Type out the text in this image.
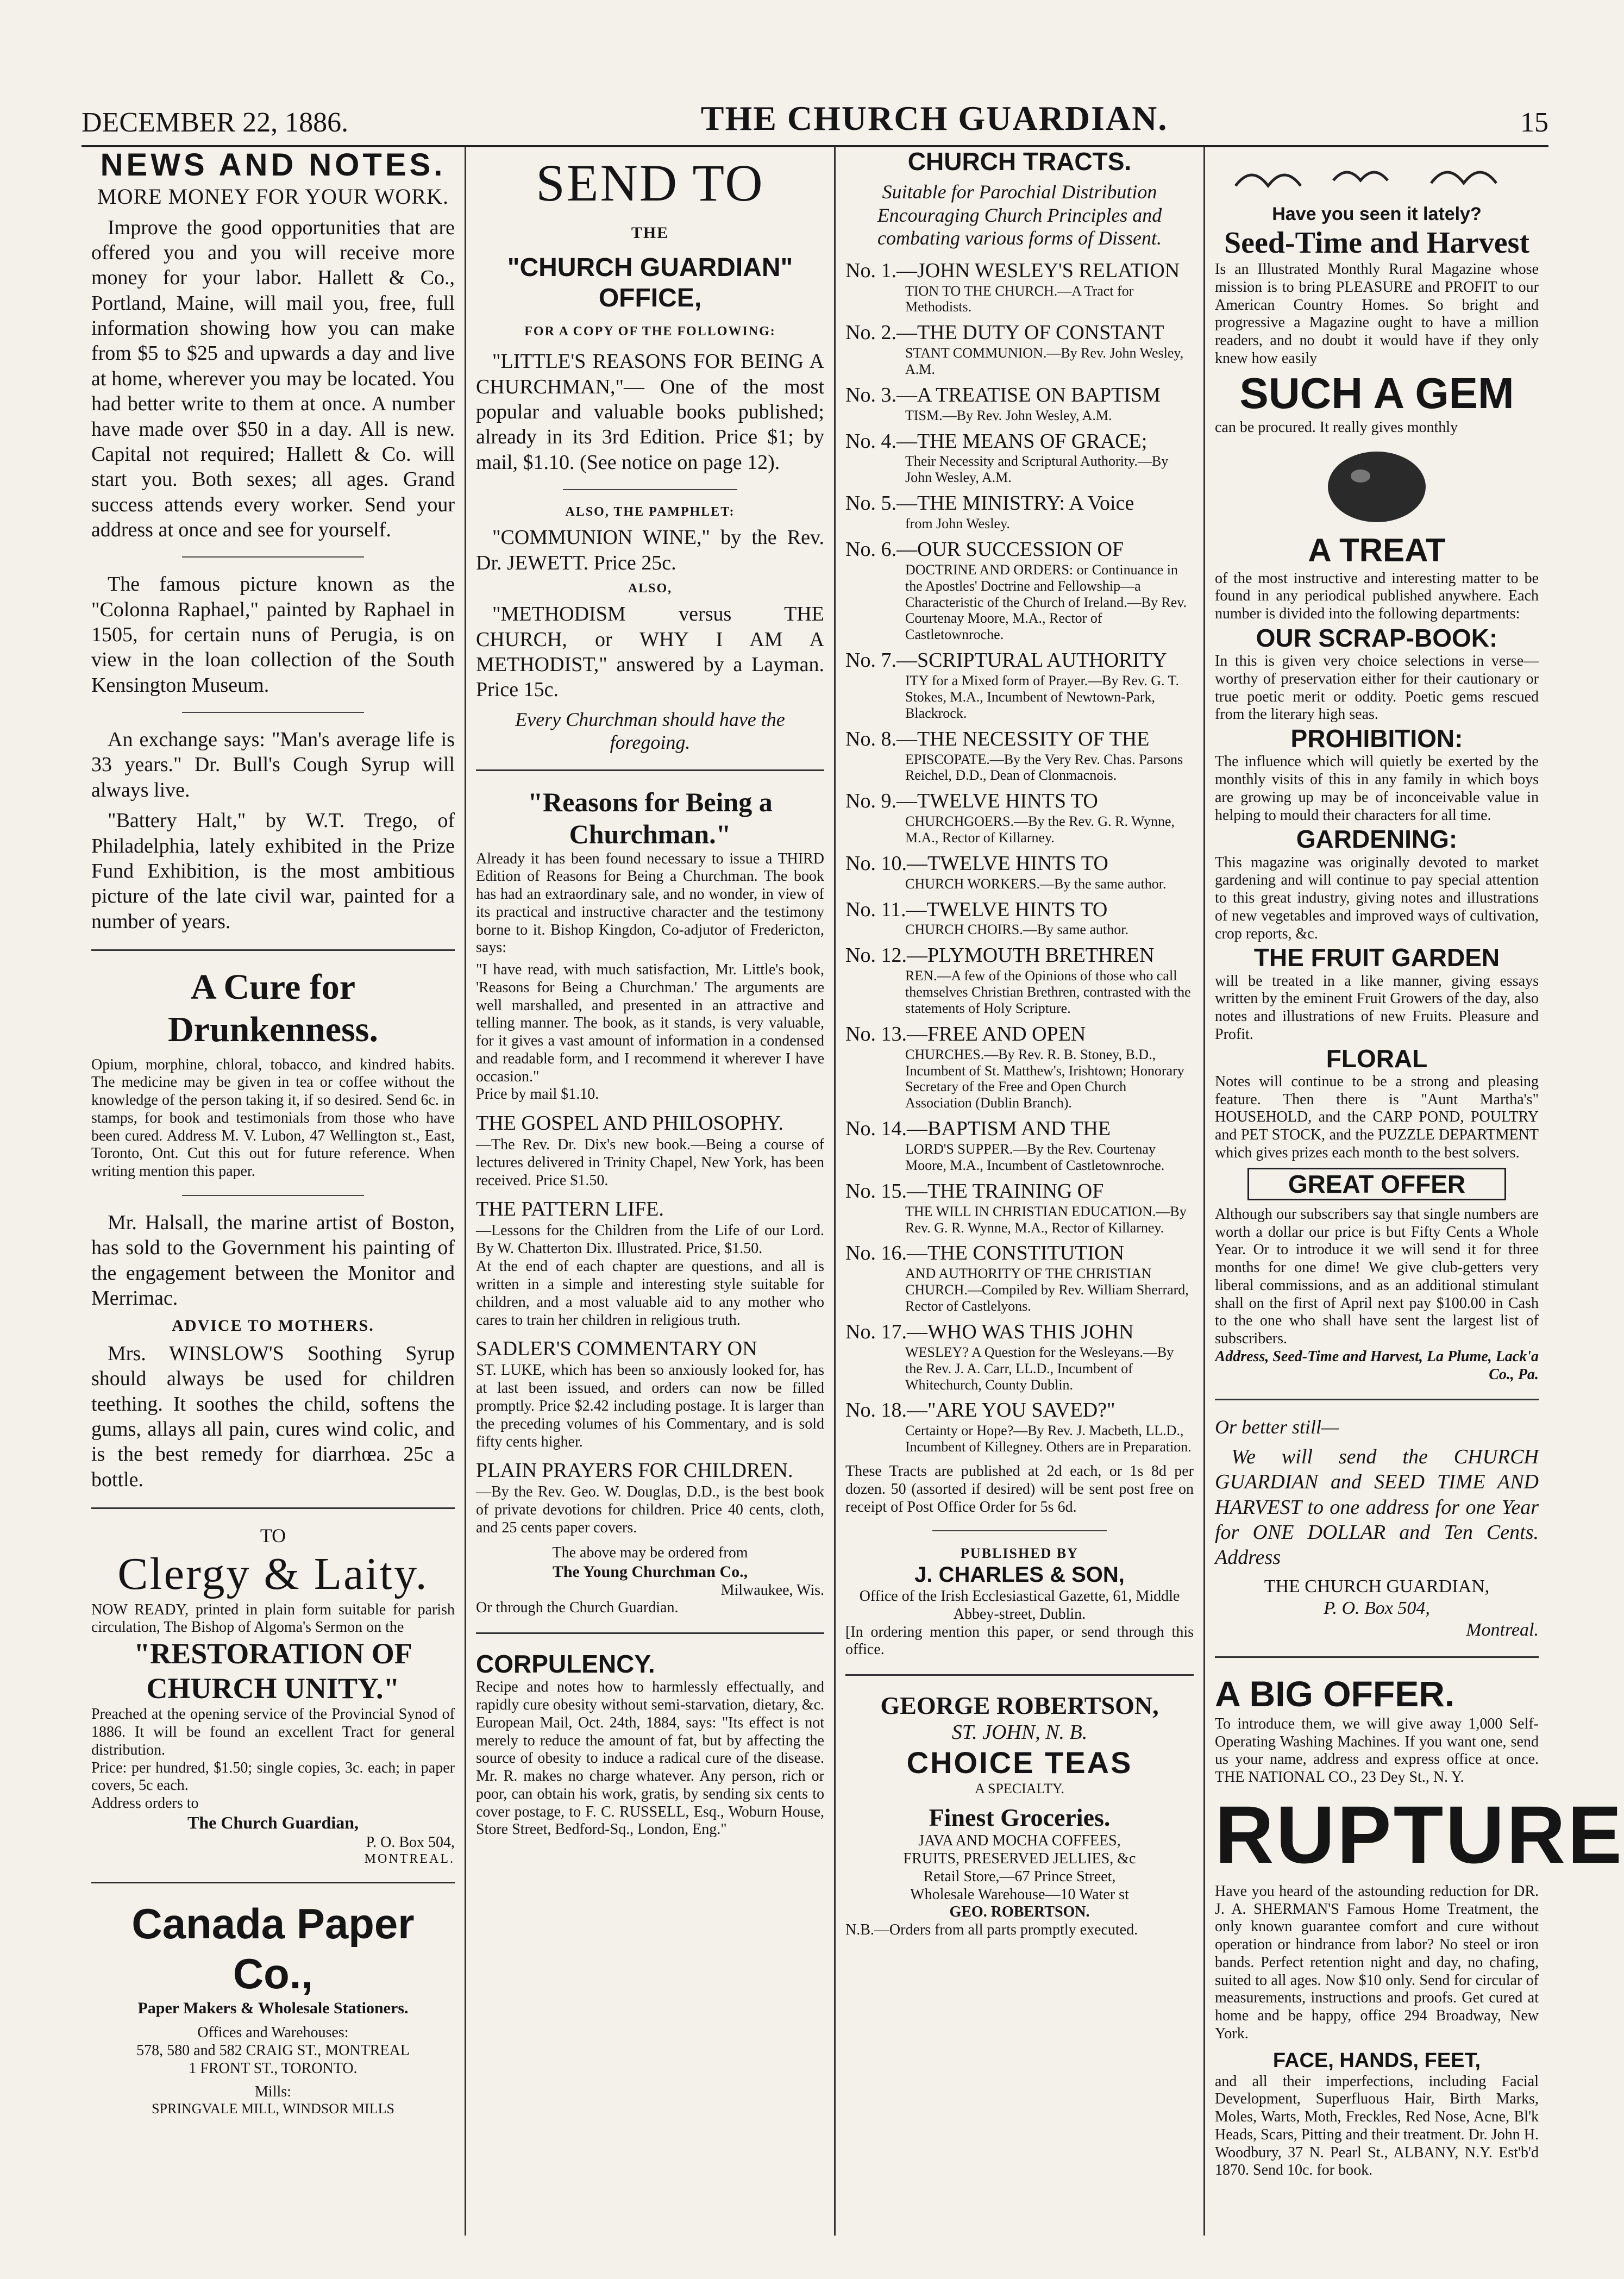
DECEMBER 22, 1886.	THE CHURCH GUARDIAN.	15
NEWS AND NOTES.
MORE MONEY FOR YOUR WORK.
Improve the good opportunities that are offered you and you will receive more money for your labor. Hallett & Co., Portland, Maine, will mail you, free, full information showing how you can make from $5 to $25 and upwards a day and live at home, wherever you may be located. You had better write to them at once. A number have made over $50 in a day. All is new. Capital not required; Hallett & Co. will start you. Both sexes; all ages. Grand success attends every worker. Send your address at once and see for yourself.
The famous picture known as the "Colonna Raphael," painted by Raphael in 1505, for certain nuns of Perugia, is on view in the loan collection of the South Kensington Museum.
An exchange says: "Man's average life is 33 years." Dr. Bull's Cough Syrup will always live.
"Battery Halt," by W.T. Trego, of Philadelphia, lately exhibited in the Prize Fund Exhibition, is the most ambitious picture of the late civil war, painted for a number of years.
A Cure for Drunkenness.
Opium, morphine, chloral, tobacco, and kindred habits. The medicine may be given in tea or coffee without the knowledge of the person taking it, if so desired. Send 6c. in stamps, for book and testimonials from those who have been cured. Address M. V. Lubon, 47 Wellington st., East, Toronto, Ont. Cut this out for future reference. When writing mention this paper.
Mr. Halsall, the marine artist of Boston, has sold to the Government his painting of the engagement between the Monitor and Merrimac.
ADVICE TO MOTHERS.
Mrs. WINSLOW'S Soothing Syrup should always be used for children teething. It soothes the child, softens the gums, allays all pain, cures wind colic, and is the best remedy for diarrhœa. 25c a bottle.
TO
Clergy & Laity.
NOW READY, printed in plain form suitable for parish circulation, The Bishop of Algoma's Sermon on the
"RESTORATION OF CHURCH UNITY."
Preached at the opening service of the Provincial Synod of 1886. It will be found an excellent Tract for general distribution.
Price: per hundred, $1.50; single copies, 3c. each; in paper covers, 5c each.
Address orders to
The Church Guardian,
P. O. Box 504,
MONTREAL.
Canada Paper Co.,
Paper Makers & Wholesale Stationers.
Offices and Warehouses:
578, 580 and 582 CRAIG ST., MONTREAL
1 FRONT ST., TORONTO.
Mills:
SPRINGVALE MILL, WINDSOR MILLS
SEND TO
THE
"CHURCH GUARDIAN" OFFICE,
FOR A COPY OF THE FOLLOWING:
"LITTLE'S REASONS FOR BEING A CHURCHMAN,"— One of the most popular and valuable books published; already in its 3rd Edition. Price $1; by mail, $1.10. (See notice on page 12).
ALSO, THE PAMPHLET:
"COMMUNION WINE," by the Rev. Dr. JEWETT. Price 25c.
ALSO,
"METHODISM versus THE CHURCH, or WHY I AM A METHODIST," answered by a Layman. Price 15c.
Every Churchman should have the foregoing.
"Reasons for Being a Churchman."
Already it has been found necessary to issue a THIRD Edition of Reasons for Being a Churchman. The book has had an extraordinary sale, and no wonder, in view of its practical and instructive character and the testimony borne to it. Bishop Kingdon, Co-adjutor of Fredericton, says:
"I have read, with much satisfaction, Mr. Little's book, 'Reasons for Being a Churchman.' The arguments are well marshalled, and presented in an attractive and telling manner. The book, as it stands, is very valuable, for it gives a vast amount of information in a condensed and readable form, and I recommend it wherever I have occasion."
Price by mail $1.10.
THE GOSPEL AND PHILOSOPHY.
—The Rev. Dr. Dix's new book.—Being a course of lectures delivered in Trinity Chapel, New York, has been received. Price $1.50.
THE PATTERN LIFE.
—Lessons for the Children from the Life of our Lord. By W. Chatterton Dix. Illustrated. Price, $1.50.
At the end of each chapter are questions, and all is written in a simple and interesting style suitable for children, and a most valuable aid to any mother who cares to train her children in religious truth.
SADLER'S COMMENTARY ON
ST. LUKE, which has been so anxiously looked for, has at last been issued, and orders can now be filled promptly. Price $2.42 including postage. It is larger than the preceding volumes of his Commentary, and is sold fifty cents higher.
PLAIN PRAYERS FOR CHILDREN.
—By the Rev. Geo. W. Douglas, D.D., is the best book of private devotions for children. Price 40 cents, cloth, and 25 cents paper covers.
The above may be ordered from
The Young Churchman Co.,
Milwaukee, Wis.
Or through the Church Guardian.
CORPULENCY.
Recipe and notes how to harmlessly effectually, and rapidly cure obesity without semi-starvation, dietary, &c. European Mail, Oct. 24th, 1884, says: "Its effect is not merely to reduce the amount of fat, but by affecting the source of obesity to induce a radical cure of the disease. Mr. R. makes no charge whatever. Any person, rich or poor, can obtain his work, gratis, by sending six cents to cover postage, to F. C. RUSSELL, Esq., Woburn House, Store Street, Bedford-Sq., London, Eng."
CHURCH TRACTS.
Suitable for Parochial Distribution Encouraging Church Principles and combating various forms of Dissent.
No. 1.—JOHN WESLEY'S RELATION
TION TO THE CHURCH.—A Tract for Methodists.
No. 2.—THE DUTY OF CONSTANT
STANT COMMUNION.—By Rev. John Wesley, A.M.
No. 3.—A TREATISE ON BAPTISM
TISM.—By Rev. John Wesley, A.M.
No. 4.—THE MEANS OF GRACE;
Their Necessity and Scriptural Authority.—By John Wesley, A.M.
No. 5.—THE MINISTRY: A Voice
from John Wesley.
No. 6.—OUR SUCCESSION OF
DOCTRINE AND ORDERS: or Continuance in the Apostles' Doctrine and Fellowship—a Characteristic of the Church of Ireland.—By Rev. Courtenay Moore, M.A., Rector of Castletownroche.
No. 7.—SCRIPTURAL AUTHORITY
ITY for a Mixed form of Prayer.—By Rev. G. T. Stokes, M.A., Incumbent of Newtown-Park, Blackrock.
No. 8.—THE NECESSITY OF THE
EPISCOPATE.—By the Very Rev. Chas. Parsons Reichel, D.D., Dean of Clonmacnois.
No. 9.—TWELVE HINTS TO
CHURCHGOERS.—By the Rev. G. R. Wynne, M.A., Rector of Killarney.
No. 10.—TWELVE HINTS TO
CHURCH WORKERS.—By the same author.
No. 11.—TWELVE HINTS TO
CHURCH CHOIRS.—By same author.
No. 12.—PLYMOUTH BRETHREN
REN.—A few of the Opinions of those who call themselves Christian Brethren, contrasted with the statements of Holy Scripture.
No. 13.—FREE AND OPEN
CHURCHES.—By Rev. R. B. Stoney, B.D., Incumbent of St. Matthew's, Irishtown; Honorary Secretary of the Free and Open Church Association (Dublin Branch).
No. 14.—BAPTISM AND THE
LORD'S SUPPER.—By the Rev. Courtenay Moore, M.A., Incumbent of Castletownroche.
No. 15.—THE TRAINING OF
THE WILL IN CHRISTIAN EDUCATION.—By Rev. G. R. Wynne, M.A., Rector of Killarney.
No. 16.—THE CONSTITUTION
AND AUTHORITY OF THE CHRISTIAN CHURCH.—Compiled by Rev. William Sherrard, Rector of Castlelyons.
No. 17.—WHO WAS THIS JOHN
WESLEY? A Question for the Wesleyans.—By the Rev. J. A. Carr, LL.D., Incumbent of Whitechurch, County Dublin.
No. 18.—"ARE YOU SAVED?"
Certainty or Hope?—By Rev. J. Macbeth, LL.D., Incumbent of Killegney. Others are in Preparation.
These Tracts are published at 2d each, or 1s 8d per dozen. 50 (assorted if desired) will be sent post free on receipt of Post Office Order for 5s 6d.
PUBLISHED BY
J. CHARLES & SON,
Office of the Irish Ecclesiastical Gazette, 61, Middle Abbey-street, Dublin.
[In ordering mention this paper, or send through this office.
GEORGE ROBERTSON,
ST. JOHN, N. B.
CHOICE TEAS
A SPECIALTY.
Finest Groceries.
JAVA AND MOCHA COFFEES,
FRUITS, PRESERVED JELLIES, &c
Retail Store,—67 Prince Street,
Wholesale Warehouse—10 Water st
GEO. ROBERTSON.
N.B.—Orders from all parts promptly executed.
Have you seen it lately?
Seed-Time and Harvest
Is an Illustrated Monthly Rural Magazine whose mission is to bring PLEASURE and PROFIT to our American Country Homes. So bright and progressive a Magazine ought to have a million readers, and no doubt it would have if they only knew how easily
SUCH A GEM
can be procured. It really gives monthly
A TREAT
of the most instructive and interesting matter to be found in any periodical published anywhere. Each number is divided into the following departments:
OUR SCRAP-BOOK:
In this is given very choice selections in verse—worthy of preservation either for their cautionary or true poetic merit or oddity. Poetic gems rescued from the literary high seas.
PROHIBITION:
The influence which will quietly be exerted by the monthly visits of this in any family in which boys are growing up may be of inconceivable value in helping to mould their characters for all time.
GARDENING:
This magazine was originally devoted to market gardening and will continue to pay special attention to this great industry, giving notes and illustrations of new vegetables and improved ways of cultivation, crop reports, &c.
THE FRUIT GARDEN
will be treated in a like manner, giving essays written by the eminent Fruit Growers of the day, also notes and illustrations of new Fruits. Pleasure and Profit.
FLORAL
Notes will continue to be a strong and pleasing feature. Then there is "Aunt Martha's" HOUSEHOLD, and the CARP POND, POULTRY and PET STOCK, and the PUZZLE DEPARTMENT which gives prizes each month to the best solvers.
GREAT OFFER
Although our subscribers say that single numbers are worth a dollar our price is but Fifty Cents a Whole Year. Or to introduce it we will send it for three months for one dime! We give club-getters very liberal commissions, and as an additional stimulant shall on the first of April next pay $100.00 in Cash to the one who shall have sent the largest list of subscribers.
Address, Seed-Time and Harvest, La Plume, Lack'a Co., Pa.
Or better still—
We will send the CHURCH GUARDIAN and SEED TIME AND HARVEST to one address for one Year for ONE DOLLAR and Ten Cents. Address
THE CHURCH GUARDIAN,
P. O. Box 504,
Montreal.
A BIG OFFER.
To introduce them, we will give away 1,000 Self-Operating Washing Machines. If you want one, send us your name, address and express office at once. THE NATIONAL CO., 23 Dey St., N. Y.
RUPTURE
Have you heard of the astounding reduction for DR. J. A. SHERMAN'S Famous Home Treatment, the only known guarantee comfort and cure without operation or hindrance from labor? No steel or iron bands. Perfect retention night and day, no chafing, suited to all ages. Now $10 only. Send for circular of measurements, instructions and proofs. Get cured at home and be happy, office 294 Broadway, New York.
FACE, HANDS, FEET,
and all their imperfections, including Facial Development, Superfluous Hair, Birth Marks, Moles, Warts, Moth, Freckles, Red Nose, Acne, Bl'k Heads, Scars, Pitting and their treatment. Dr. John H. Woodbury, 37 N. Pearl St., ALBANY, N.Y. Est'b'd 1870. Send 10c. for book.
